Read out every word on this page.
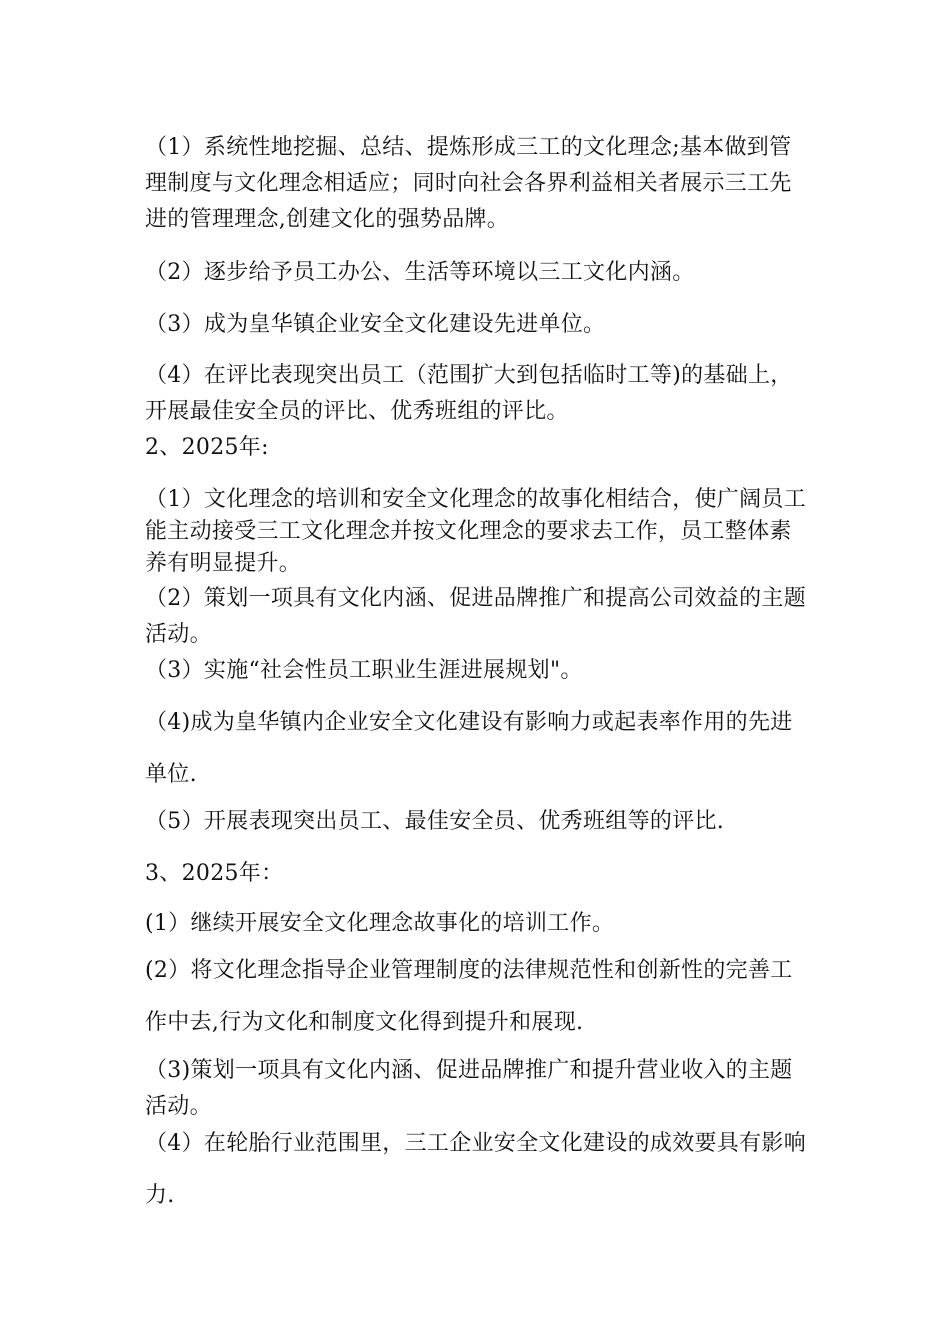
（1）系统性地挖掘、总结、提炼形成三工的文化理念;基本做到管理制度与文化理念相适应；同时向社会各界利益相关者展示三工先进的管理理念,创建文化的强势品牌。
（2）逐步给予员工办公、生活等环境以三工文化内涵。
（3）成为皇华镇企业安全文化建设先进单位。
（4）在评比表现突出员工（范围扩大到包括临时工等)的基础上，开展最佳安全员的评比、优秀班组的评比。
2、2025年:
（1）文化理念的培训和安全文化理念的故事化相结合，使广阔员工能主动接受三工文化理念并按文化理念的要求去工作，员工整体素养有明显提升。
（2）策划一项具有文化内涵、促进品牌推广和提高公司效益的主题活动。
（3）实施“社会性员工职业生涯进展规划"。
（4)成为皇华镇内企业安全文化建设有影响力或起表率作用的先进单位.
（5）开展表现突出员工、最佳安全员、优秀班组等的评比.
3、2025年：
(1）继续开展安全文化理念故事化的培训工作。
(2）将文化理念指导企业管理制度的法律规范性和创新性的完善工作中去,行为文化和制度文化得到提升和展现.
（3)策划一项具有文化内涵、促进品牌推广和提升营业收入的主题活动。
（4）在轮胎行业范围里，三工企业安全文化建设的成效要具有影响力.
